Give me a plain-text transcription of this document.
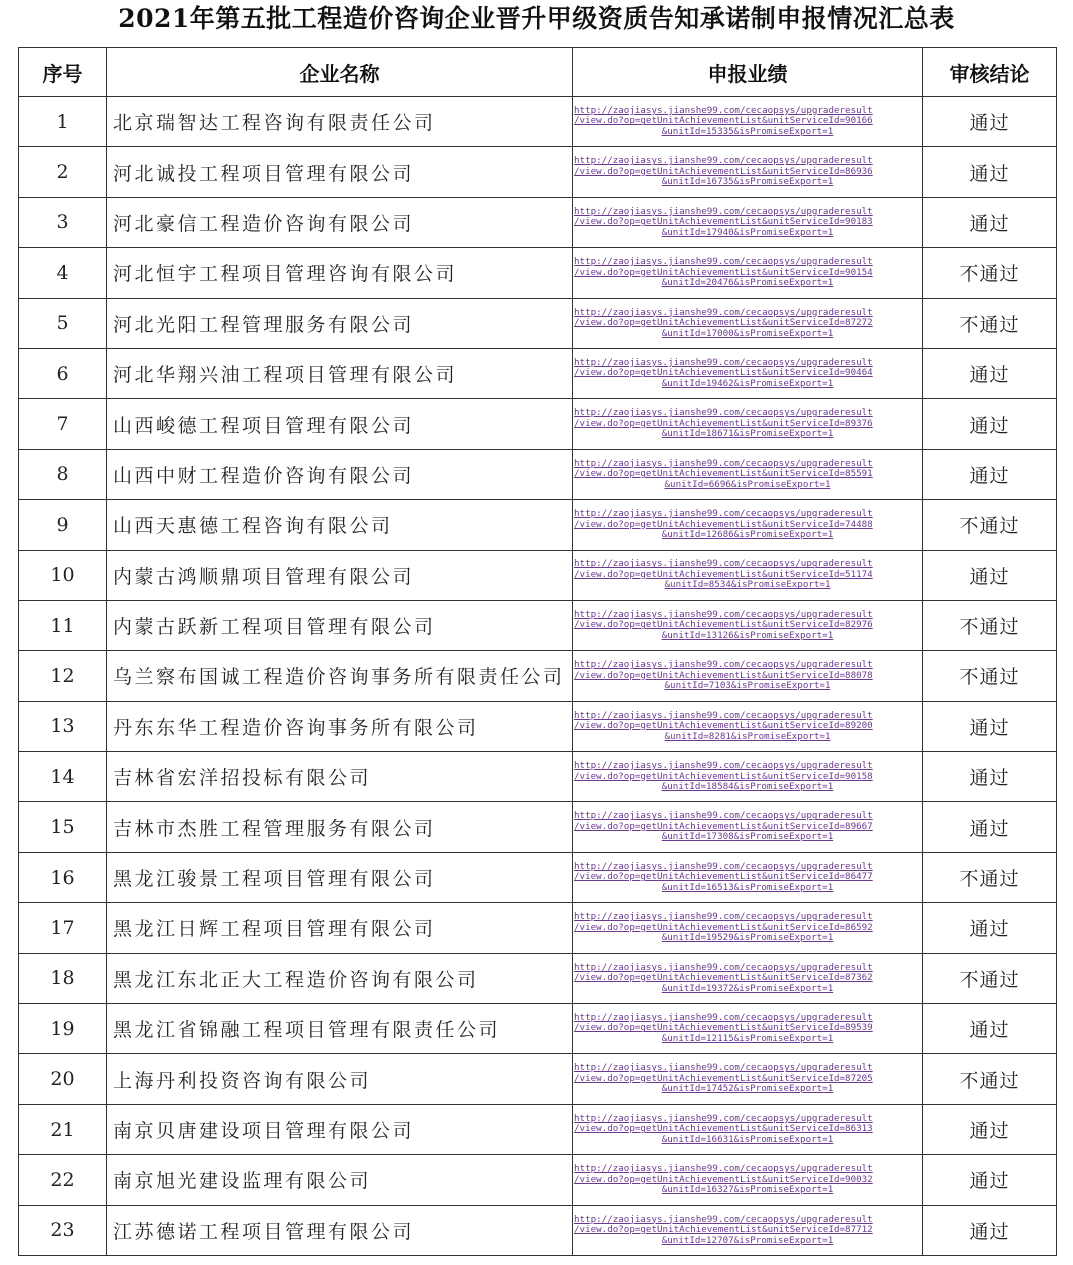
2021年第五批工程造价咨询企业晋升甲级资质告知承诺制申报情况汇总表
序号	企业名称	申报业绩	审核结论
1	北京瑞智达工程咨询有限责任公司	http://zaojiasys.jianshe99.com/cecaopsys/upgraderesult
/view.do?op=getUnitAchievementList&unitServiceId=90166
&unitId=15335&isPromiseExport=1	通过
2	河北诚投工程项目管理有限公司	http://zaojiasys.jianshe99.com/cecaopsys/upgraderesult
/view.do?op=getUnitAchievementList&unitServiceId=86936
&unitId=16735&isPromiseExport=1	通过
3	河北豪信工程造价咨询有限公司	http://zaojiasys.jianshe99.com/cecaopsys/upgraderesult
/view.do?op=getUnitAchievementList&unitServiceId=90183
&unitId=17940&isPromiseExport=1	通过
4	河北恒宇工程项目管理咨询有限公司	http://zaojiasys.jianshe99.com/cecaopsys/upgraderesult
/view.do?op=getUnitAchievementList&unitServiceId=90154
&unitId=20476&isPromiseExport=1	不通过
5	河北光阳工程管理服务有限公司	http://zaojiasys.jianshe99.com/cecaopsys/upgraderesult
/view.do?op=getUnitAchievementList&unitServiceId=87272
&unitId=17000&isPromiseExport=1	不通过
6	河北华翔兴油工程项目管理有限公司	http://zaojiasys.jianshe99.com/cecaopsys/upgraderesult
/view.do?op=getUnitAchievementList&unitServiceId=90464
&unitId=19462&isPromiseExport=1	通过
7	山西峻德工程项目管理有限公司	http://zaojiasys.jianshe99.com/cecaopsys/upgraderesult
/view.do?op=getUnitAchievementList&unitServiceId=89376
&unitId=18671&isPromiseExport=1	通过
8	山西中财工程造价咨询有限公司	http://zaojiasys.jianshe99.com/cecaopsys/upgraderesult
/view.do?op=getUnitAchievementList&unitServiceId=85591
&unitId=6696&isPromiseExport=1	通过
9	山西天惠德工程咨询有限公司	http://zaojiasys.jianshe99.com/cecaopsys/upgraderesult
/view.do?op=getUnitAchievementList&unitServiceId=74488
&unitId=12686&isPromiseExport=1	不通过
10	内蒙古鸿顺鼎项目管理有限公司	http://zaojiasys.jianshe99.com/cecaopsys/upgraderesult
/view.do?op=getUnitAchievementList&unitServiceId=51174
&unitId=8534&isPromiseExport=1	通过
11	内蒙古跃新工程项目管理有限公司	http://zaojiasys.jianshe99.com/cecaopsys/upgraderesult
/view.do?op=getUnitAchievementList&unitServiceId=82976
&unitId=13126&isPromiseExport=1	不通过
12	乌兰察布国诚工程造价咨询事务所有限责任公司	http://zaojiasys.jianshe99.com/cecaopsys/upgraderesult
/view.do?op=getUnitAchievementList&unitServiceId=88078
&unitId=7103&isPromiseExport=1	不通过
13	丹东东华工程造价咨询事务所有限公司	http://zaojiasys.jianshe99.com/cecaopsys/upgraderesult
/view.do?op=getUnitAchievementList&unitServiceId=89200
&unitId=8281&isPromiseExport=1	通过
14	吉林省宏洋招投标有限公司	http://zaojiasys.jianshe99.com/cecaopsys/upgraderesult
/view.do?op=getUnitAchievementList&unitServiceId=90158
&unitId=18584&isPromiseExport=1	通过
15	吉林市杰胜工程管理服务有限公司	http://zaojiasys.jianshe99.com/cecaopsys/upgraderesult
/view.do?op=getUnitAchievementList&unitServiceId=89667
&unitId=17308&isPromiseExport=1	通过
16	黑龙江骏景工程项目管理有限公司	http://zaojiasys.jianshe99.com/cecaopsys/upgraderesult
/view.do?op=getUnitAchievementList&unitServiceId=86477
&unitId=16513&isPromiseExport=1	不通过
17	黑龙江日辉工程项目管理有限公司	http://zaojiasys.jianshe99.com/cecaopsys/upgraderesult
/view.do?op=getUnitAchievementList&unitServiceId=86592
&unitId=19529&isPromiseExport=1	通过
18	黑龙江东北正大工程造价咨询有限公司	http://zaojiasys.jianshe99.com/cecaopsys/upgraderesult
/view.do?op=getUnitAchievementList&unitServiceId=87362
&unitId=19372&isPromiseExport=1	不通过
19	黑龙江省锦融工程项目管理有限责任公司	http://zaojiasys.jianshe99.com/cecaopsys/upgraderesult
/view.do?op=getUnitAchievementList&unitServiceId=89539
&unitId=12115&isPromiseExport=1	通过
20	上海丹利投资咨询有限公司	http://zaojiasys.jianshe99.com/cecaopsys/upgraderesult
/view.do?op=getUnitAchievementList&unitServiceId=87205
&unitId=17452&isPromiseExport=1	不通过
21	南京贝唐建设项目管理有限公司	http://zaojiasys.jianshe99.com/cecaopsys/upgraderesult
/view.do?op=getUnitAchievementList&unitServiceId=86313
&unitId=16631&isPromiseExport=1	通过
22	南京旭光建设监理有限公司	http://zaojiasys.jianshe99.com/cecaopsys/upgraderesult
/view.do?op=getUnitAchievementList&unitServiceId=90032
&unitId=16327&isPromiseExport=1	通过
23	江苏德诺工程项目管理有限公司	http://zaojiasys.jianshe99.com/cecaopsys/upgraderesult
/view.do?op=getUnitAchievementList&unitServiceId=87712
&unitId=12707&isPromiseExport=1	通过
